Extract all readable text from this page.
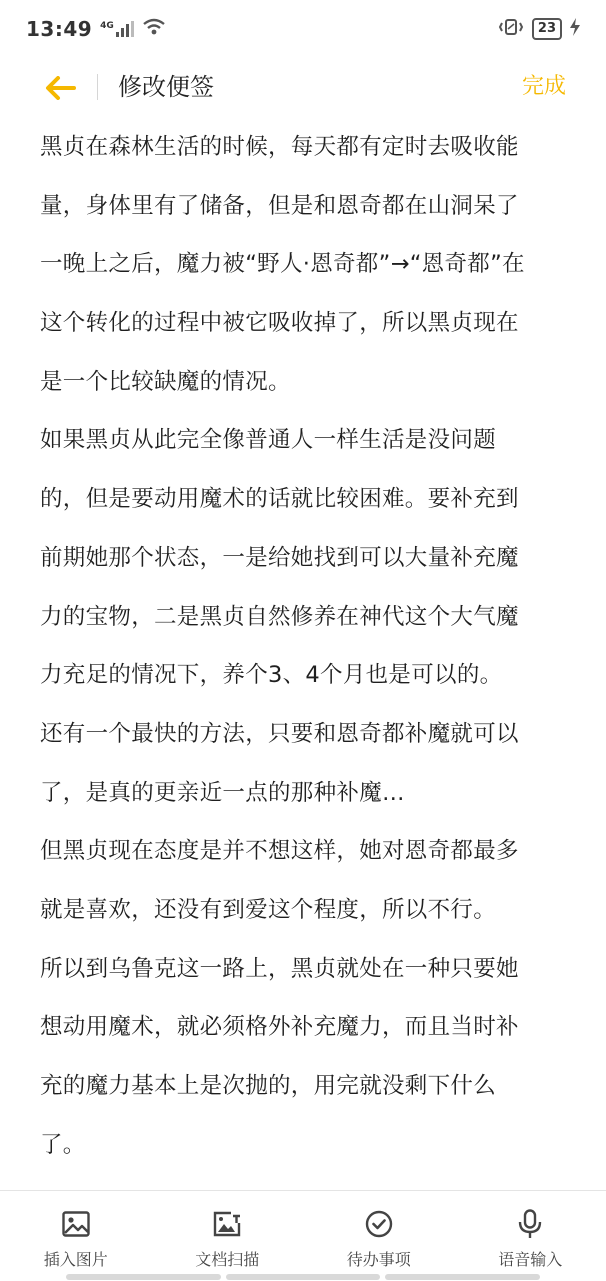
13:49 4G	23
修改便签	完成
黑贞在森林生活的时候，每天都有定时去吸收能
量，身体里有了储备，但是和恩奇都在山洞呆了
一晚上之后，魔力被“野人·恩奇都”→“恩奇都”在
这个转化的过程中被它吸收掉了，所以黑贞现在
是一个比较缺魔的情况。
如果黑贞从此完全像普通人一样生活是没问题
的，但是要动用魔术的话就比较困难。要补充到
前期她那个状态，一是给她找到可以大量补充魔
力的宝物，二是黑贞自然修养在神代这个大气魔
力充足的情况下，养个3、4个月也是可以的。
还有一个最快的方法，只要和恩奇都补魔就可以
了，是真的更亲近一点的那种补魔…
但黑贞现在态度是并不想这样，她对恩奇都最多
就是喜欢，还没有到爱这个程度，所以不行。
所以到乌鲁克这一路上，黑贞就处在一种只要她
想动用魔术，就必须格外补充魔力，而且当时补
充的魔力基本上是次抛的，用完就没剩下什么
了。
插入图片	文档扫描	待办事项	语音输入
